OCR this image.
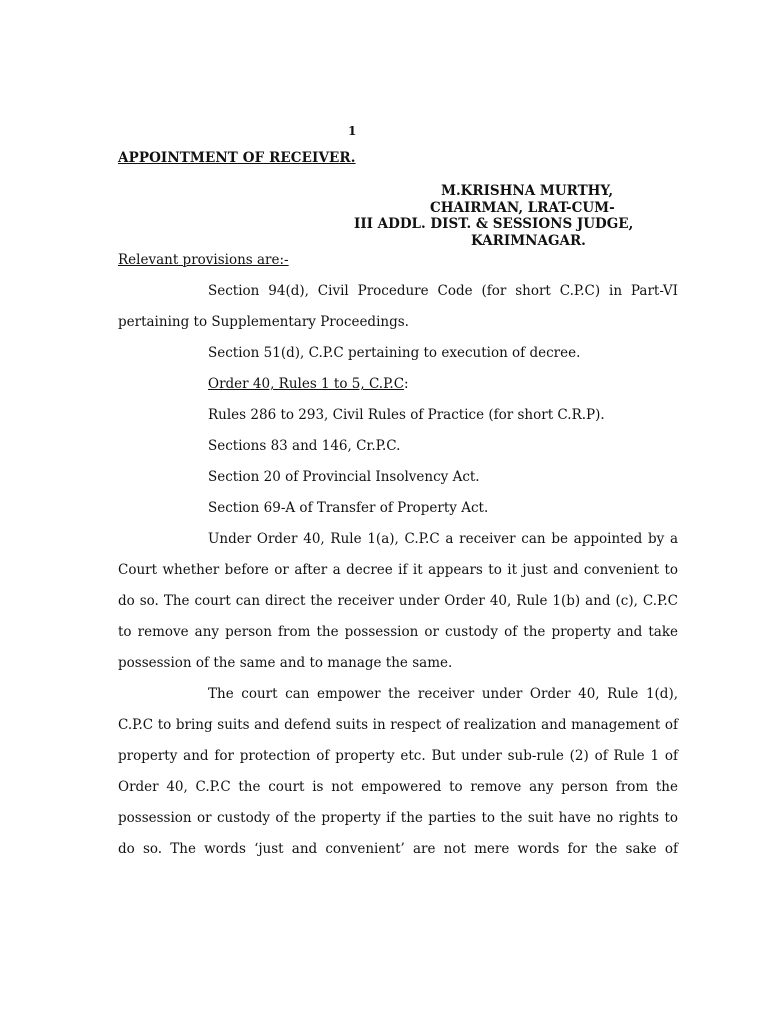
1
APPOINTMENT OF RECEIVER.
M.KRISHNA MURTHY,
CHAIRMAN, LRAT-CUM-
III ADDL. DIST. & SESSIONS JUDGE,
KARIMNAGAR.

Relevant provisions are:-

Section 94(d), Civil Procedure Code (for short C.P.C) in Part-VI pertaining to Supplementary Proceedings.

Section 51(d), C.P.C pertaining to execution of decree.

Order 40, Rules 1 to 5, C.P.C:

Rules 286 to 293, Civil Rules of Practice (for short C.R.P).

Sections 83 and 146, Cr.P.C.

Section 20 of Provincial Insolvency Act.

Section 69-A of Transfer of Property Act.

Under Order 40, Rule 1(a), C.P.C a receiver can be appointed by a Court whether before or after a decree if it appears to it just and convenient to do so. The court can direct the receiver under Order 40, Rule 1(b) and (c), C.P.C to remove any person from the possession or custody of the property and take possession of the same and to manage the same.

The court can empower the receiver under Order 40, Rule 1(d), C.P.C to bring suits and defend suits in respect of realization and management of property and for protection of property etc. But under sub-rule (2) of Rule 1 of Order 40, C.P.C the court is not empowered to remove any person from the possession or custody of the property if the parties to the suit have no rights to do so. The words ‘just and convenient’ are not mere words for the sake of
